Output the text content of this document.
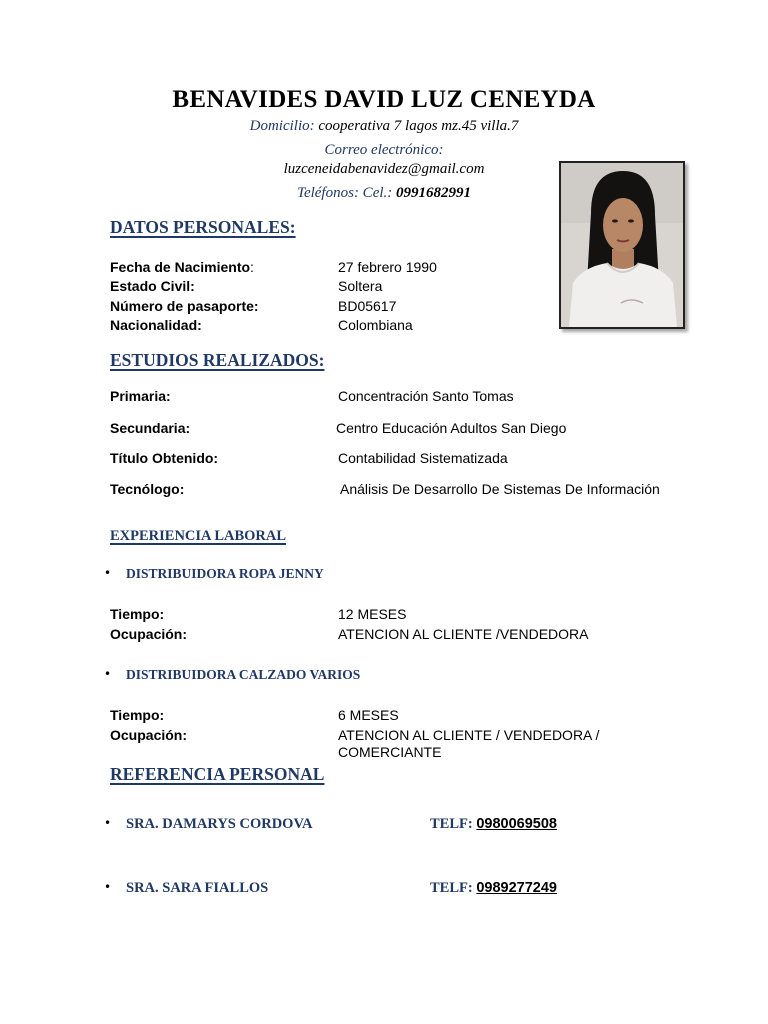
BENAVIDES DAVID LUZ CENEYDA
Domicilio: cooperativa 7 lagos mz.45 villa.7
Correo electrónico:
luzceneidabenavidez@gmail.com
Teléfonos: Cel.: 0991682991
DATOS PERSONALES:
Fecha de Nacimiento:	27 febrero 1990
Estado Civil:	Soltera
Número de pasaporte:	BD05617
Nacionalidad:	Colombiana
ESTUDIOS REALIZADOS:
Primaria:	Concentración Santo Tomas
Secundaria:	Centro Educación Adultos San Diego
Título Obtenido:	Contabilidad Sistematizada
Tecnólogo:	Análisis De Desarrollo De Sistemas De Información
EXPERIENCIA LABORAL
• DISTRIBUIDORA ROPA JENNY
Tiempo:	12 MESES
Ocupación:	ATENCION AL CLIENTE /VENDEDORA
• DISTRIBUIDORA CALZADO VARIOS
Tiempo:	6 MESES
Ocupación:	ATENCION AL CLIENTE / VENDEDORA /
COMERCIANTE
REFERENCIA PERSONAL
• SRA. DAMARYS CORDOVA	TELF: 0980069508
• SRA. SARA FIALLOS	TELF: 0989277249
